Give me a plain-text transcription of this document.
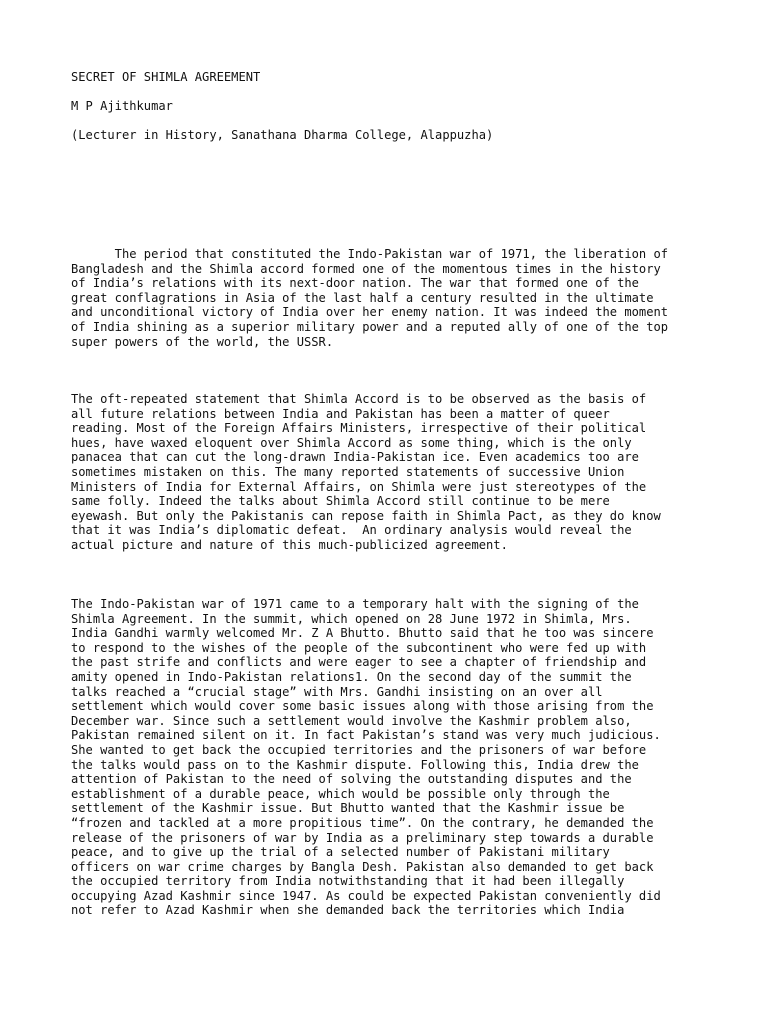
SECRET OF SHIMLA AGREEMENT
M P Ajithkumar
(Lecturer in History, Sanathana Dharma College, Alappuzha)
The period that constituted the Indo-Pakistan war of 1971, the liberation of
Bangladesh and the Shimla accord formed one of the momentous times in the history
of India’s relations with its next-door nation. The war that formed one of the
great conflagrations in Asia of the last half a century resulted in the ultimate
and unconditional victory of India over her enemy nation. It was indeed the moment
of India shining as a superior military power and a reputed ally of one of the top
super powers of the world, the USSR.
The oft-repeated statement that Shimla Accord is to be observed as the basis of
all future relations between India and Pakistan has been a matter of queer
reading. Most of the Foreign Affairs Ministers, irrespective of their political
hues, have waxed eloquent over Shimla Accord as some thing, which is the only
panacea that can cut the long-drawn India-Pakistan ice. Even academics too are
sometimes mistaken on this. The many reported statements of successive Union
Ministers of India for External Affairs, on Shimla were just stereotypes of the
same folly. Indeed the talks about Shimla Accord still continue to be mere
eyewash. But only the Pakistanis can repose faith in Shimla Pact, as they do know
that it was India’s diplomatic defeat.  An ordinary analysis would reveal the
actual picture and nature of this much-publicized agreement.
The Indo-Pakistan war of 1971 came to a temporary halt with the signing of the
Shimla Agreement. In the summit, which opened on 28 June 1972 in Shimla, Mrs.
India Gandhi warmly welcomed Mr. Z A Bhutto. Bhutto said that he too was sincere
to respond to the wishes of the people of the subcontinent who were fed up with
the past strife and conflicts and were eager to see a chapter of friendship and
amity opened in Indo-Pakistan relations1. On the second day of the summit the
talks reached a “crucial stage” with Mrs. Gandhi insisting on an over all
settlement which would cover some basic issues along with those arising from the
December war. Since such a settlement would involve the Kashmir problem also,
Pakistan remained silent on it. In fact Pakistan’s stand was very much judicious.
She wanted to get back the occupied territories and the prisoners of war before
the talks would pass on to the Kashmir dispute. Following this, India drew the
attention of Pakistan to the need of solving the outstanding disputes and the
establishment of a durable peace, which would be possible only through the
settlement of the Kashmir issue. But Bhutto wanted that the Kashmir issue be
“frozen and tackled at a more propitious time”. On the contrary, he demanded the
release of the prisoners of war by India as a preliminary step towards a durable
peace, and to give up the trial of a selected number of Pakistani military
officers on war crime charges by Bangla Desh. Pakistan also demanded to get back
the occupied territory from India notwithstanding that it had been illegally
occupying Azad Kashmir since 1947. As could be expected Pakistan conveniently did
not refer to Azad Kashmir when she demanded back the territories which India
